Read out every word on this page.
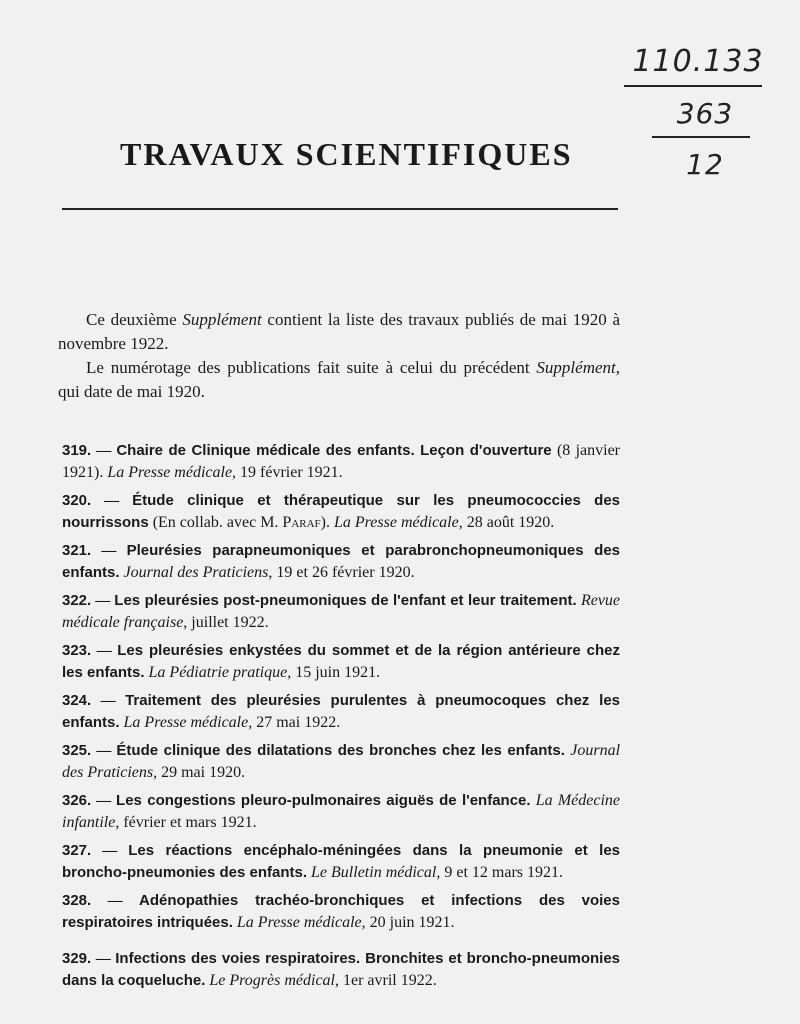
110.133
363
12
TRAVAUX SCIENTIFIQUES

Ce deuxième Supplément contient la liste des travaux publiés de mai 1920 à novembre 1922.

Le numérotage des publications fait suite à celui du précédent Supplément, qui date de mai 1920.

319. — Chaire de Clinique médicale des enfants. Leçon d'ouverture (8 janvier 1921). La Presse médicale, 19 février 1921.
320. — Étude clinique et thérapeutique sur les pneumococcies des nourrissons (En collab. avec M. Paraf). La Presse médicale, 28 août 1920.
321. — Pleurésies parapneumoniques et parabronchopneumoniques des enfants. Journal des Praticiens, 19 et 26 février 1920.
322. — Les pleurésies post-pneumoniques de l'enfant et leur traitement. Revue médicale française, juillet 1922.
323. — Les pleurésies enkystées du sommet et de la région antérieure chez les enfants. La Pédiatrie pratique, 15 juin 1921.
324. — Traitement des pleurésies purulentes à pneumocoques chez les enfants. La Presse médicale, 27 mai 1922.
325. — Étude clinique des dilatations des bronches chez les enfants. Journal des Praticiens, 29 mai 1920.
326. — Les congestions pleuro-pulmonaires aiguës de l'enfance. La Médecine infantile, février et mars 1921.
327. — Les réactions encéphalo-méningées dans la pneumonie et les broncho-pneumonies des enfants. Le Bulletin médical, 9 et 12 mars 1921.
328. — Adénopathies trachéo-bronchiques et infections des voies respiratoires intriquées. La Presse médicale, 20 juin 1921.
329. — Infections des voies respiratoires. Bronchites et broncho-pneumonies dans la coqueluche. Le Progrès médical, 1er avril 1922.
